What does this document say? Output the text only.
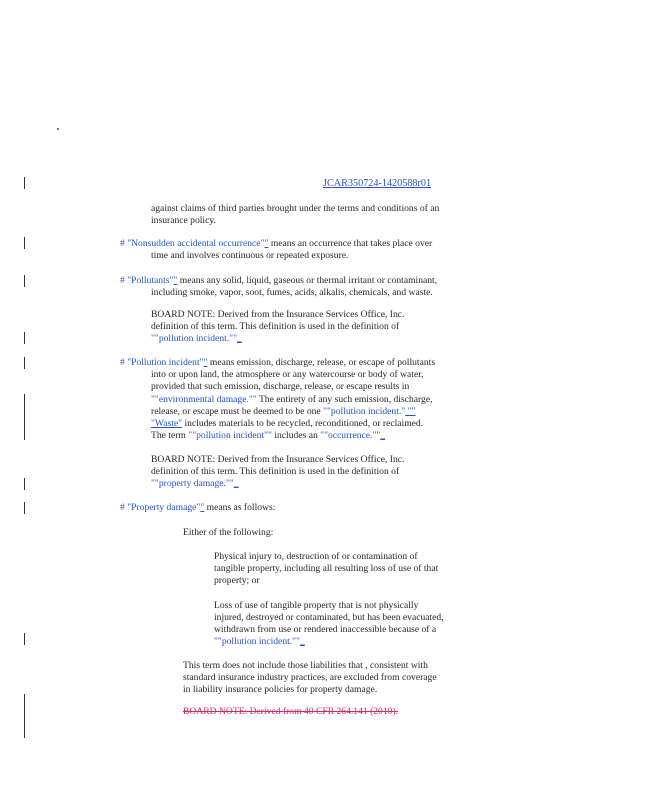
JCAR350724-1420588r01
against claims of third parties brought under the terms and conditions of an
insurance policy.
# "Nonsudden accidental occurrence"" means an occurrence that takes place over
time and involves continuous or repeated exposure.
# "Pollutants"" means any solid, liquid, gaseous or thermal irritant or contaminant,
including smoke, vapor, soot, fumes, acids, alkalis, chemicals, and waste.
BOARD NOTE: Derived from the Insurance Services Office, Inc.
definition of this term. This definition is used in the definition of
""pollution incident.""_
# "Pollution incident"" means emission, discharge, release, or escape of pollutants
into or upon land, the atmosphere or any watercourse or body of water,
provided that such emission, discharge, release, or escape results in
""environmental damage."" The entirety of any such emission, discharge,
release, or escape must be deemed to be one ""pollution incident." ""
"Waste" includes materials to be recycled, reconditioned, or reclaimed.
The term ""pollution incident"" includes an ""occurrence.""_
BOARD NOTE: Derived from the Insurance Services Office, Inc.
definition of this term. This definition is used in the definition of
""property damage.""_
# "Property damage"" means as follows:
Either of the following:
Physical injury to, destruction of or contamination of
tangible property, including all resulting loss of use of that
property; or
Loss of use of tangible property that is not physically
injured, destroyed or contaminated, but has been evacuated,
withdrawn from use or rendered inaccessible because of a
""pollution incident.""_
This term does not include those liabilities that , consistent with
standard insurance industry practices, are excluded from coverage
in liability insurance policies for property damage.
BOARD NOTE: Derived from 40 CFR 264.141 (2010).
